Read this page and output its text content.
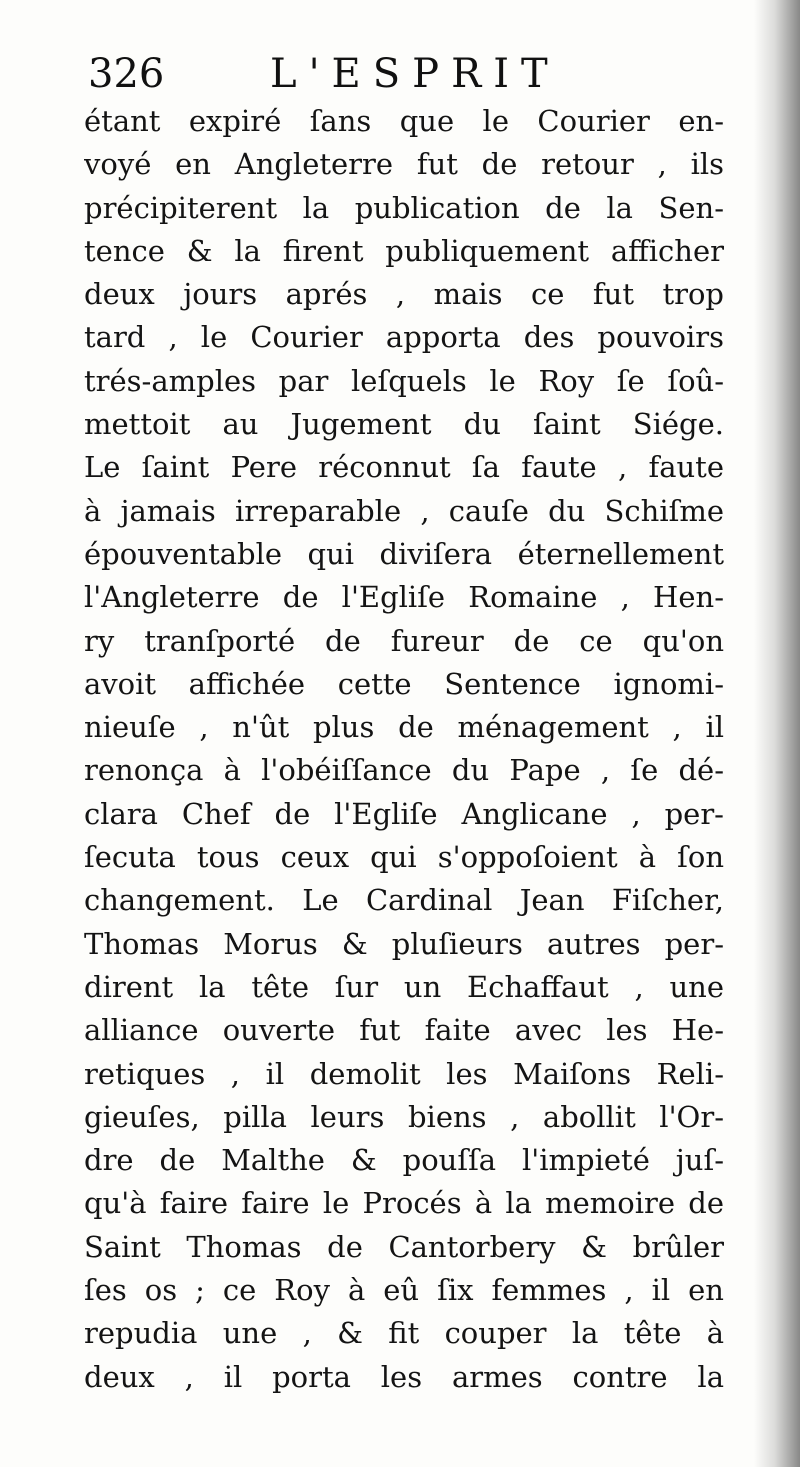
326	L'ESPRIT
étant expiré ſans que le Courier en-
voyé en Angleterre fut de retour , ils
précipiterent la publication de la Sen-
tence & la firent publiquement afficher
deux jours aprés , mais ce fut trop
tard , le Courier apporta des pouvoirs
trés-amples par leſquels le Roy ſe ſoû-
mettoit au Jugement du ſaint Siége.
Le ſaint Pere réconnut ſa faute , faute
à jamais irreparable , cauſe du Schiſme
épouventable qui diviſera éternellement
l'Angleterre de l'Egliſe Romaine , Hen-
ry tranſporté de fureur de ce qu'on
avoit affichée cette Sentence ignomi-
nieuſe , n'ût plus de ménagement , il
renonça à l'obéiſſance du Pape , ſe dé-
clara Chef de l'Egliſe Anglicane , per-
ſecuta tous ceux qui s'oppoſoient à ſon
changement. Le Cardinal Jean Fiſcher,
Thomas Morus & pluſieurs autres per-
dirent la tête ſur un Echaffaut , une
alliance ouverte fut faite avec les He-
retiques , il demolit les Maiſons Reli-
gieuſes, pilla leurs biens , abollit l'Or-
dre de Malthe & pouſſa l'impieté juſ-
qu'à faire faire le Procés à la memoire de
Saint Thomas de Cantorbery & brûler
ſes os ; ce Roy à eû ſix femmes , il en
repudia une , & fit couper la tête à
deux , il porta les armes contre la
